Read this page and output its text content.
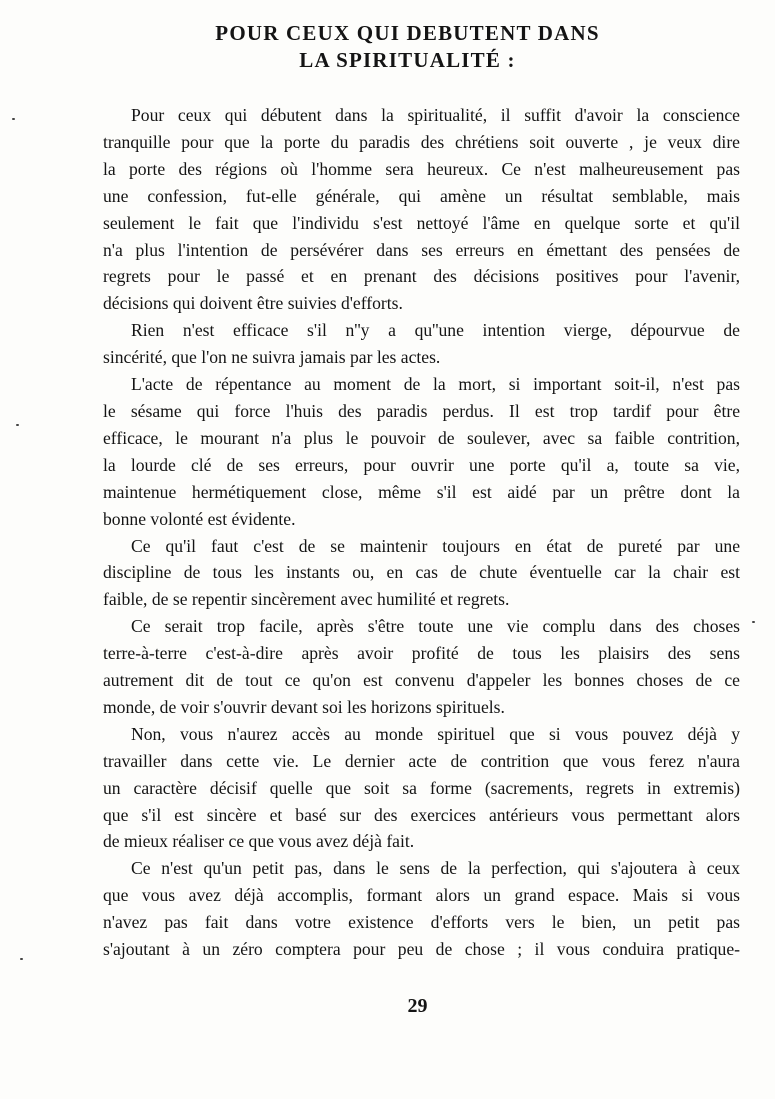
POUR CEUX QUI DEBUTENT DANS
LA SPIRITUALITÉ :

Pour ceux qui débutent dans la spiritualité, il suffit d'avoir la conscience
tranquille pour que la porte du paradis des chrétiens soit ouverte , je veux dire
la porte des régions où l'homme sera heureux. Ce n'est malheureusement pas
une confession, fut-elle générale, qui amène un résultat semblable, mais
seulement le fait que l'individu s'est nettoyé l'âme en quelque sorte et qu'il
n'a plus l'intention de persévérer dans ses erreurs en émettant des pensées de
regrets pour le passé et en prenant des décisions positives pour l'avenir,
décisions qui doivent être suivies d'efforts.

Rien n'est efficace s'il n''y a qu''une intention vierge, dépourvue de
sincérité, que l'on ne suivra jamais par les actes.

L'acte de répentance au moment de la mort, si important soit-il, n'est pas
le sésame qui force l'huis des paradis perdus. Il est trop tardif pour être
efficace, le mourant n'a plus le pouvoir de soulever, avec sa faible contrition,
la lourde clé de ses erreurs, pour ouvrir une porte qu'il a, toute sa vie,
maintenue hermétiquement close, même s'il est aidé par un prêtre dont la
bonne volonté est évidente.

Ce qu'il faut c'est de se maintenir toujours en état de pureté par une
discipline de tous les instants ou, en cas de chute éventuelle car la chair est
faible, de se repentir sincèrement avec humilité et regrets.

Ce serait trop facile, après s'être toute une vie complu dans des choses
terre-à-terre c'est-à-dire après avoir profité de tous les plaisirs des sens
autrement dit de tout ce qu'on est convenu d'appeler les bonnes choses de ce
monde, de voir s'ouvrir devant soi les horizons spirituels.

Non, vous n'aurez accès au monde spirituel que si vous pouvez déjà y
travailler dans cette vie. Le dernier acte de contrition que vous ferez n'aura
un caractère décisif quelle que soit sa forme (sacrements, regrets in extremis)
que s'il est sincère et basé sur des exercices antérieurs vous permettant alors
de mieux réaliser ce que vous avez déjà fait.

Ce n'est qu'un petit pas, dans le sens de la perfection, qui s'ajoutera à ceux
que vous avez déjà accomplis, formant alors un grand espace. Mais si vous
n'avez pas fait dans votre existence d'efforts vers le bien, un petit pas
s'ajoutant à un zéro comptera pour peu de chose ; il vous conduira pratique-

29
